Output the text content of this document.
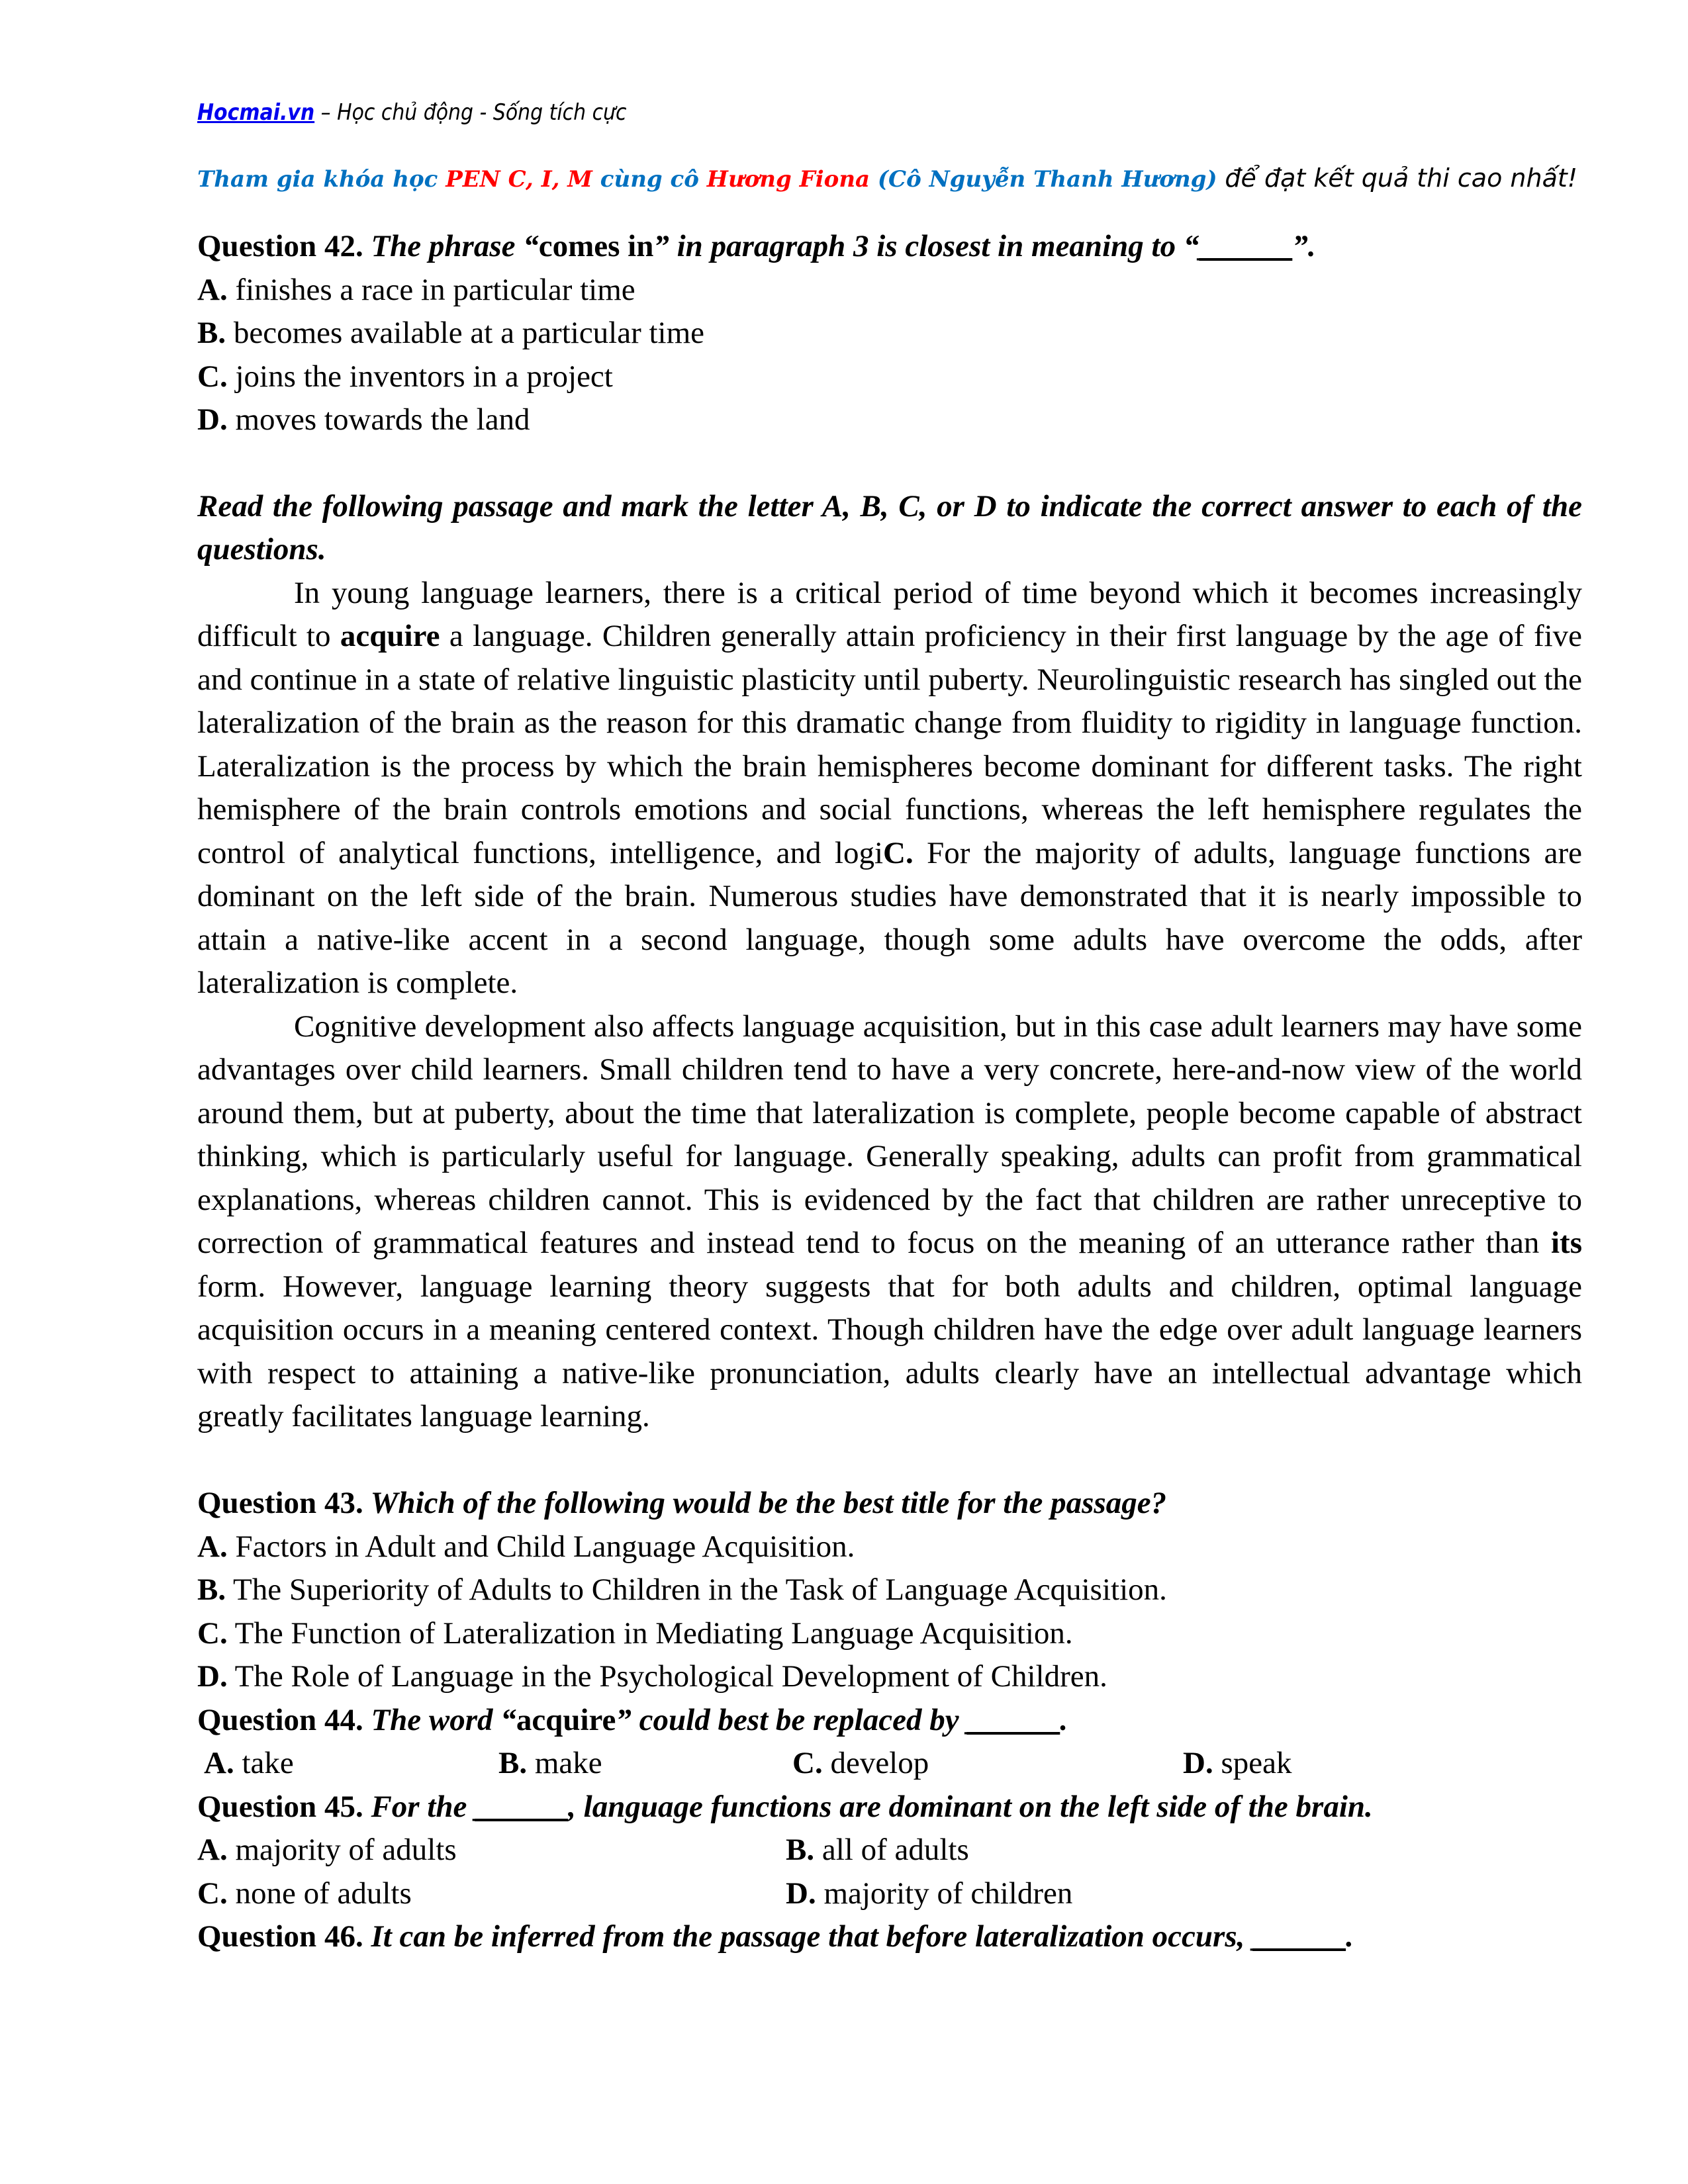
Hocmai.vn – Học chủ động - Sống tích cực
Tham gia khóa học PEN C, I, M cùng cô Hương Fiona (Cô Nguyễn Thanh Hương) để đạt kết quả thi cao nhất!

Question 42. The phrase “comes in” in paragraph 3 is closest in meaning to “______”.

A. finishes a race in particular time

B. becomes available at a particular time

C. joins the inventors in a project

D. moves towards the land

Read the following passage and mark the letter A, B, C, or D to indicate the correct answer to each of the questions.

In young language learners, there is a critical period of time beyond which it becomes increasingly difficult to acquire a language. Children generally attain proficiency in their first language by the age of five and continue in a state of relative linguistic plasticity until puberty. Neurolinguistic research has singled out the lateralization of the brain as the reason for this dramatic change from fluidity to rigidity in language function. Lateralization is the process by which the brain hemispheres become dominant for different tasks. The right hemisphere of the brain controls emotions and social functions, whereas the left hemisphere regulates the control of analytical functions, intelligence, and logiC. For the majority of adults, language functions are dominant on the left side of the brain. Numerous studies have demonstrated that it is nearly impossible to attain a native-like accent in a second language, though some adults have overcome the odds, after lateralization is complete.

Cognitive development also affects language acquisition, but in this case adult learners may have some advantages over child learners. Small children tend to have a very concrete, here-and-now view of the world around them, but at puberty, about the time that lateralization is complete, people become capable of abstract thinking, which is particularly useful for language. Generally speaking, adults can profit from grammatical explanations, whereas children cannot. This is evidenced by the fact that children are rather unreceptive to correction of grammatical features and instead tend to focus on the meaning of an utterance rather than its form. However, language learning theory suggests that for both adults and children, optimal language acquisition occurs in a meaning centered context. Though children have the edge over adult language learners with respect to attaining a native-like pronunciation, adults clearly have an intellectual advantage which greatly facilitates language learning.

Question 43. Which of the following would be the best title for the passage?

A. Factors in Adult and Child Language Acquisition.

B. The Superiority of Adults to Children in the Task of Language Acquisition.

C. The Function of Lateralization in Mediating Language Acquisition.

D. The Role of Language in the Psychological Development of Children.

Question 44. The word “acquire” could best be replaced by ______.

A. take	B. make	C. develop	D. speak

Question 45. For the ______, language functions are dominant on the left side of the brain.

A. majority of adults	B. all of adults
C. none of adults	D. majority of children

Question 46. It can be inferred from the passage that before lateralization occurs, ______.
